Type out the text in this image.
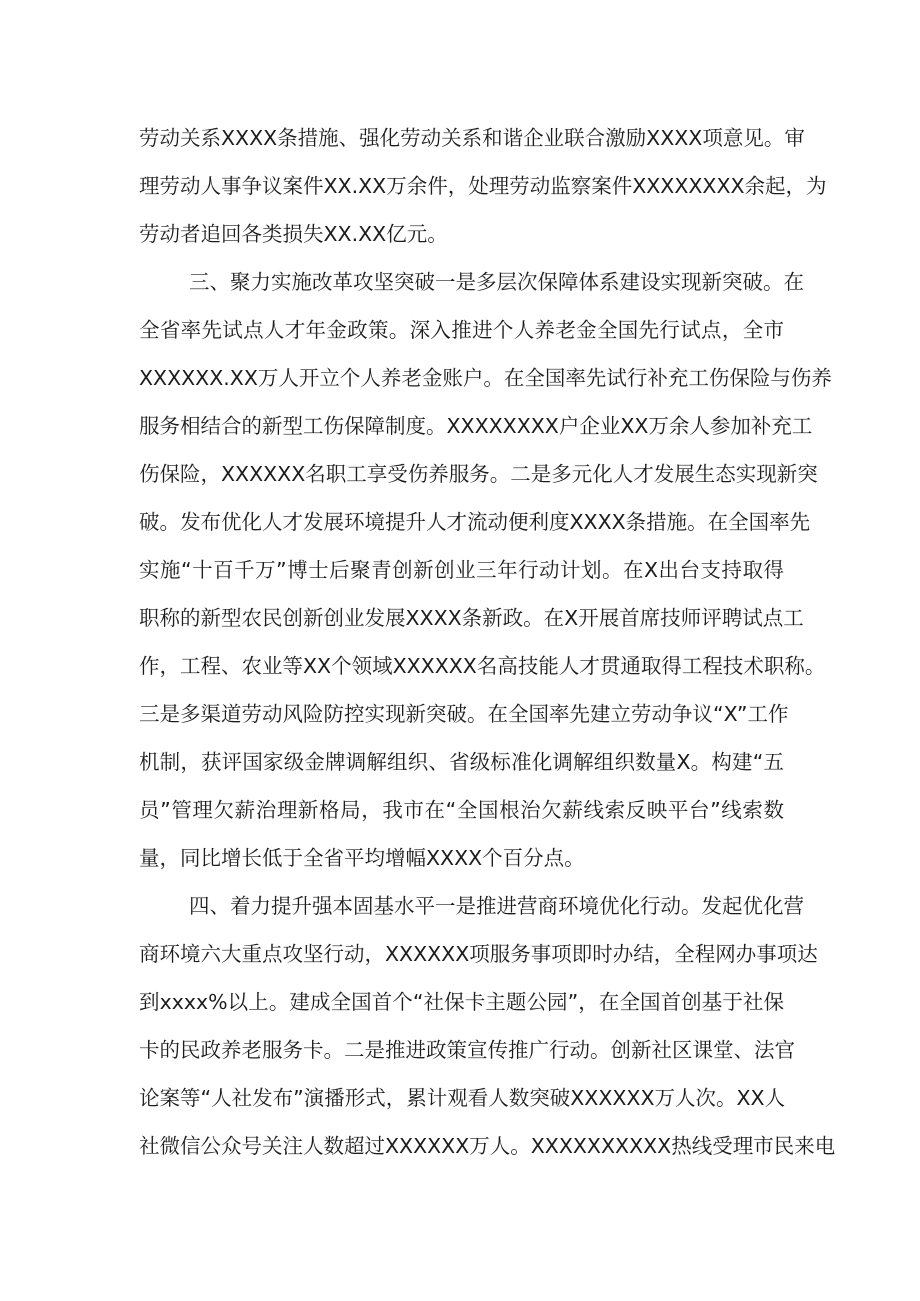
劳动关系XXXX条措施、强化劳动关系和谐企业联合激励XXXX项意见。审
理劳动人事争议案件XX.XX万余件，处理劳动监察案件XXXXXXXX余起，为
劳动者追回各类损失XX.XX亿元。
三、聚力实施改革攻坚突破一是多层次保障体系建设实现新突破。在
全省率先试点人才年金政策。深入推进个人养老金全国先行试点，全市
XXXXXX.XX万人开立个人养老金账户。在全国率先试行补充工伤保险与伤养
服务相结合的新型工伤保障制度。XXXXXXXX户企业XX万余人参加补充工
伤保险，XXXXXX名职工享受伤养服务。二是多元化人才发展生态实现新突
破。发布优化人才发展环境提升人才流动便利度XXXX条措施。在全国率先
实施“十百千万”博士后聚青创新创业三年行动计划。在X出台支持取得
职称的新型农民创新创业发展XXXX条新政。在X开展首席技师评聘试点工
作，工程、农业等XX个领域XXXXXX名高技能人才贯通取得工程技术职称。
三是多渠道劳动风险防控实现新突破。在全国率先建立劳动争议“X”工作
机制，获评国家级金牌调解组织、省级标准化调解组织数量X。构建“五
员”管理欠薪治理新格局，我市在“全国根治欠薪线索反映平台”线索数
量，同比增长低于全省平均增幅XXXX个百分点。
四、着力提升强本固基水平一是推进营商环境优化行动。发起优化营
商环境六大重点攻坚行动，XXXXXX项服务事项即时办结，全程网办事项达
到xxxx%以上。建成全国首个“社保卡主题公园”，在全国首创基于社保
卡的民政养老服务卡。二是推进政策宣传推广行动。创新社区课堂、法官
论案等“人社发布”演播形式，累计观看人数突破XXXXXX万人次。XX人
社微信公众号关注人数超过XXXXXX万人。XXXXXXXXXX热线受理市民来电
